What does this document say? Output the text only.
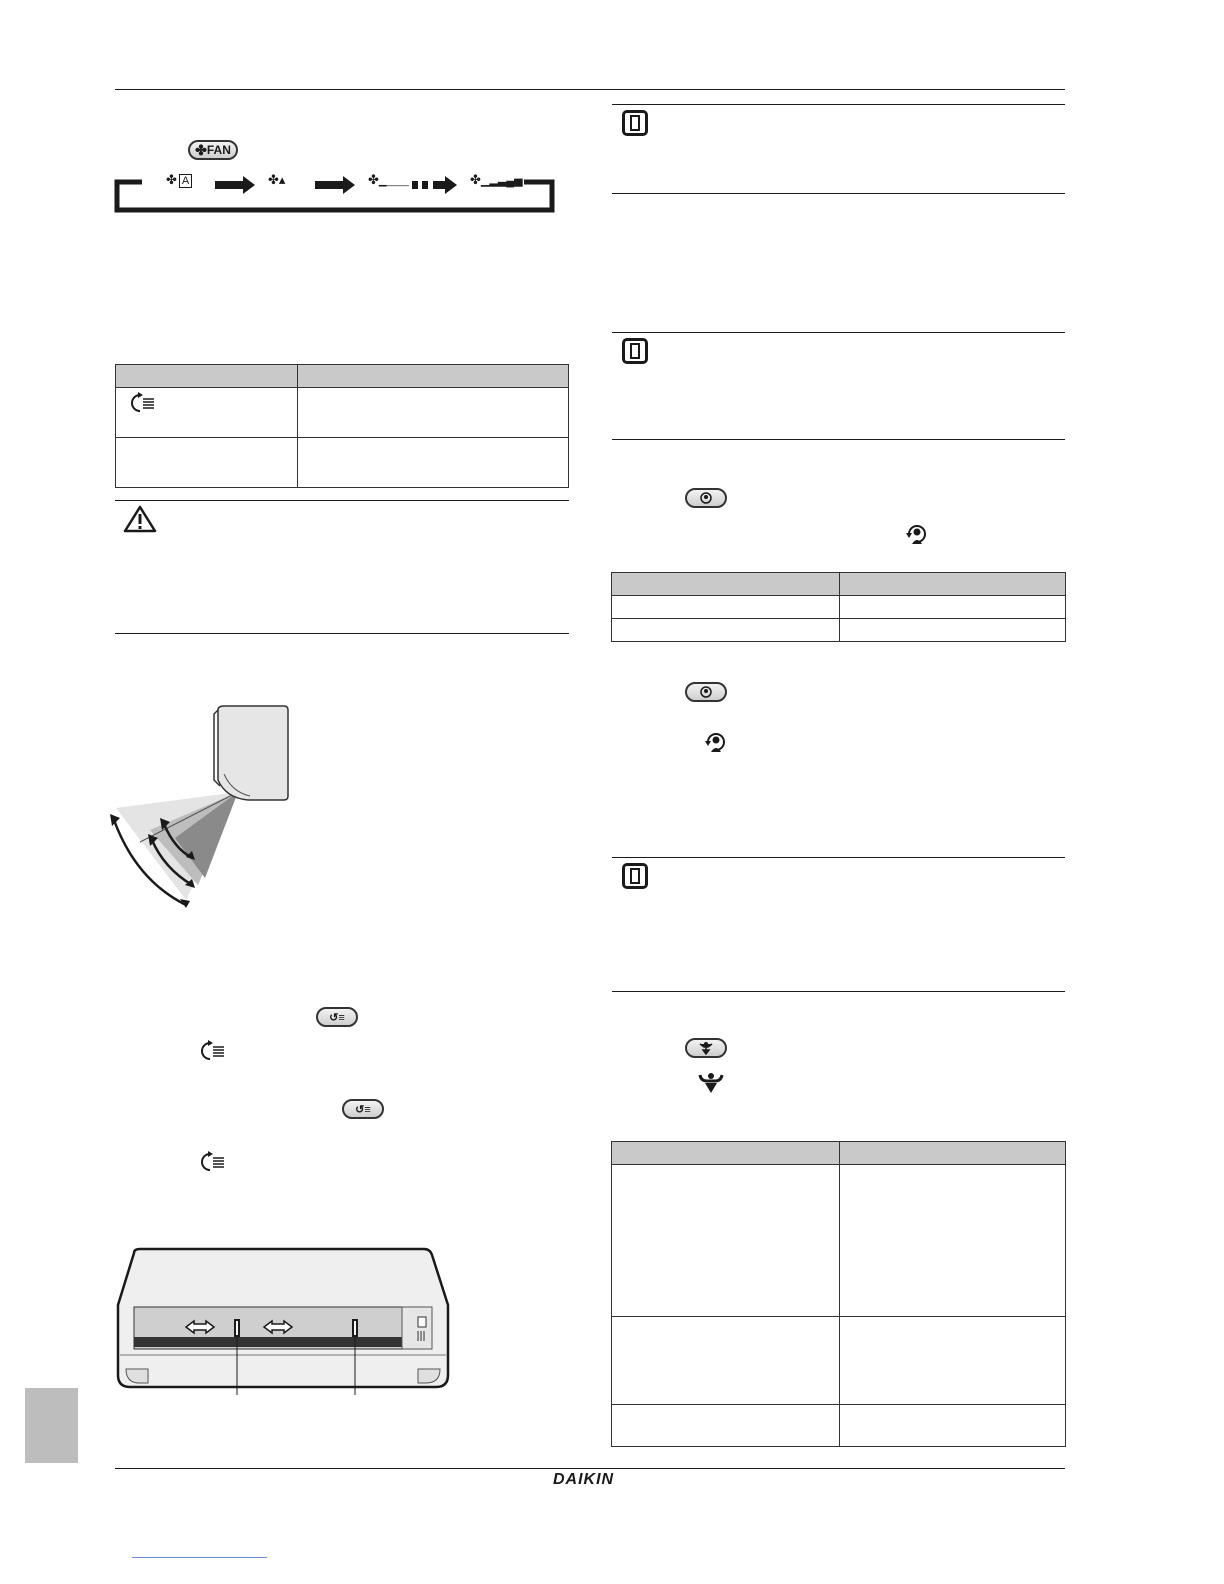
✤ FAN
✤ A	✤▴	✤▁____	✤▁▂▃▄▅

↺≡
↺≡

DAIKIN
